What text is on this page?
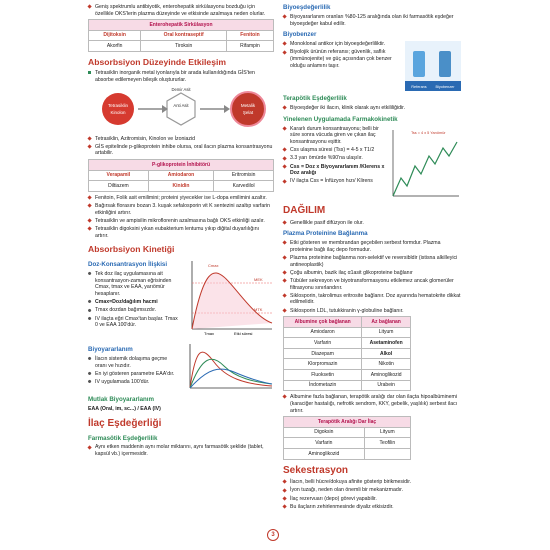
Geniş spektrumlu antibiyotik, enterohepatik sirkülasyonu bozduğu için özellikle OKS'lerin plazma düzeyinde ve etkisinde azalmaya neden olurlar.
Enterohepatik Sirkülasyon		
Dijitoksin	Oral kontraseptif	Fenitoin
Akorfin	Tiroksin	Rifampin
Absorbsiyon Düzeyinde Etkileşim
Tetrasiklin inorganik metal iyonlarıyla bir arada kullanıldığında GİS'ten absorbe edilemeyen bileşik oluştururlar.
Tetrasiklin
Kinolon
Anti Asit
Demir Asit
Metalik
Şelat
Tetrasiklin, Azitromisin, Kinolon ve İzoniazid
GİS epitelinde p-glikoprotein inhibe olursa, oral ilacın plazma konsantrasyonu artabilir.
P-glikoprotein İnhibitörü		
Verapamil	Amiodaron	Eritromisin
Diltiazem	Kinidin	Karvedilol
Fenitoin, Folik asit emilimini; proteini yiyecekler ise L-dopa emilimini azaltır.
Bağırsak florasını bozan 3. kuşak sefalosporin vit K sentezini azaltıp varfarin etkinliğini artırır.
Tetrasiklin ve ampisilin mikroflorenin azalmasına bağlı OKS etkinliği azalır.
Tetrasiklin digoksini yıkan eubakterium lentumu yıkıp diğital duyarlılığını artırır.
Absorbsiyon Kinetiği
Doz-Konsantrasyon İlişkisi
Tek doz ilaç uygulamasına ait konsantrasyon-zaman eğrisinden Cmax, tmax ve EAA, yarıömür hesaplanır.
Cmax=Doz/dağılım hacmi
Tmax dozdan bağımsızdır.
IV ilaçta eğri Cmax'tan başlar. Tmax 0 ve EAA 100'dür.
Cmax
MEK
MTK
Tmax	Etki süresi
Biyoyararlanım
İlacın sistemik dolaşıma geçme oranı ve hızıdır.
En iyi gösteren parametre EAA'dır.
IV uygulamada 100'dür.
Mutlak Biyoyararlanım
EAA (Oral, im, sc...) / EAA (IV)
İlaç Eşdeğerliği
Farmasötik Eşdeğerlilik
Aynı etken maddenin aynı molar miktarını, aynı farmasötik şeklide (tablet, kapsül vb.) içermesidir.
Biyoeşdeğerlilik
Biyoyararlanım oranları %80-125 aralığında olan iki farmasötik eşdeğer biyoeşdeğer kabul edilir.
Biyobenzer
Monoklonal antikor için biyoeşdeğerliliktir.
Biyolojik ürünün referansı; güvenlik, saflık (immünojenite) ve güç açısından çok benzer olduğu anlamını taşır.
Referans Biyobenzer
Terapötik Eşdeğerlilik
Biyoeşdeğer iki ilacın, klinik olarak aynı etkililiğidir.
Yinelenen Uygulamada Farmakokinetik
Kararlı durum konsantrasyonu; belli bir süre sonra vücuda giren ve çıkan ilaç konsantrasyonu eşittir.
Css ulaşma süresi (Tss) = 4-5 x T1/2
3.3 yarı ömürde %90'na ulaşılır.
Css = Doz x Biyoyararlanım /Klerens x Doz aralığı
IV ilaçta Css = İnfüzyon hızı/ Klirens
Tss = 4 x 5 Yarıömür
DAĞILIM
Genellikle pasif difüzyon ile olur.
Plazma Proteinine Bağlanma
Etki gösteren ve membrandan geçebilen serbest formdur. Plazma proteinine bağlı ilaç depo formudur.
Plazma proteinine bağlanma non-selektif ve reversibldir (istisna alkilleyici antineoplastik)
Çoğu albumin, bazik ilaç α1asit glikoproteine bağlanır
Tübüler sekresyon ve biyotransformasyonu etkilemez ancak glomerüler filtrasyonu sınırlandırır.
Siklosporin, takrolimus eritrosite bağlanır. Doz ayarında hematokrite dikkat edilmelidir.
Siklosporin LDL, tutukkiranin γ-globuline bağlanır.
Albumine çok bağlanan	Az bağlanan
Amiodaron	Lityum
Varfarin	Asetaminofen
Diazepam	Alkol
Klorpromazin	Nikotin
Fluoksetin	Aminoglikozid
İndometazin	Urabein
Albumine fazla bağlanan, terapötik aralığı dar olan ilaçta hipoalbüminemi (karaciğer hastalığı, nefrotik sendrom, KKY, gebelik, yaşlılık) serbest ilacı artırır.
Terapötik Aralığı Dar İlaç	
Digoksin	Lityum
Varfarin	Teofilin
Aminoglikozid	
Sekestrasyon
İlacın, belli hücre/dokuya afinite gösterip birikmesidir.
İyon tuzağı, neden olan önemli bir mekanizmadır.
İlaç rezervuarı (depo) görevi yapabilir.
Bu ilaçların zehirlenmesinde diyaliz etkisizdir.
3
